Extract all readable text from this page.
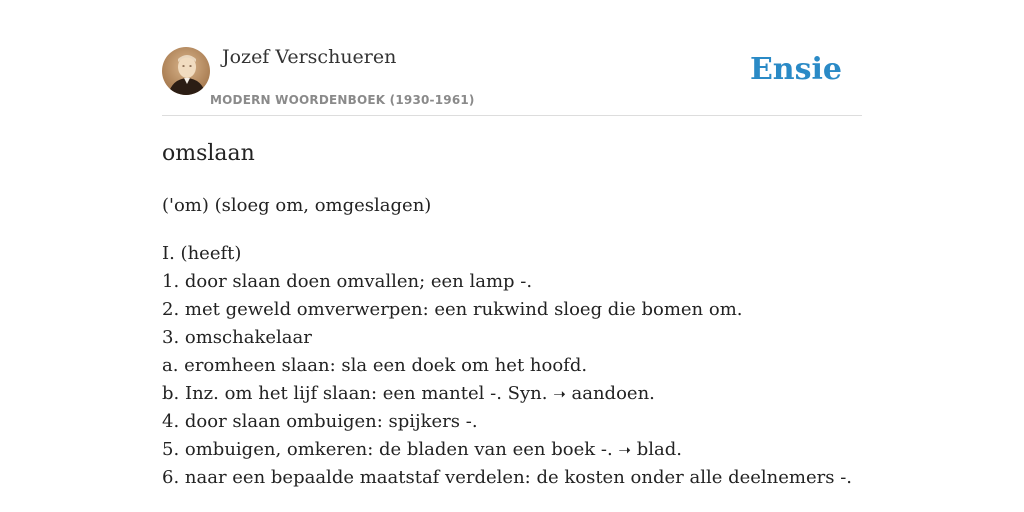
Jozef Verschueren
MODERN WOORDENBOEK (1930-1961)
Ensie
omslaan
('om) (sloeg om, omgeslagen)
I. (heeft)
1. door slaan doen omvallen; een lamp -.
2. met geweld omverwerpen: een rukwind sloeg die bomen om.
3. omschakelaar
a. eromheen slaan: sla een doek om het hoofd.
b. Inz. om het lijf slaan: een mantel -. Syn. ➝ aandoen.
4. door slaan ombuigen: spijkers -.
5. ombuigen, omkeren: de bladen van een boek -. ➝ blad.
6. naar een bepaalde maatstaf verdelen: de kosten onder alle deelnemers -.
